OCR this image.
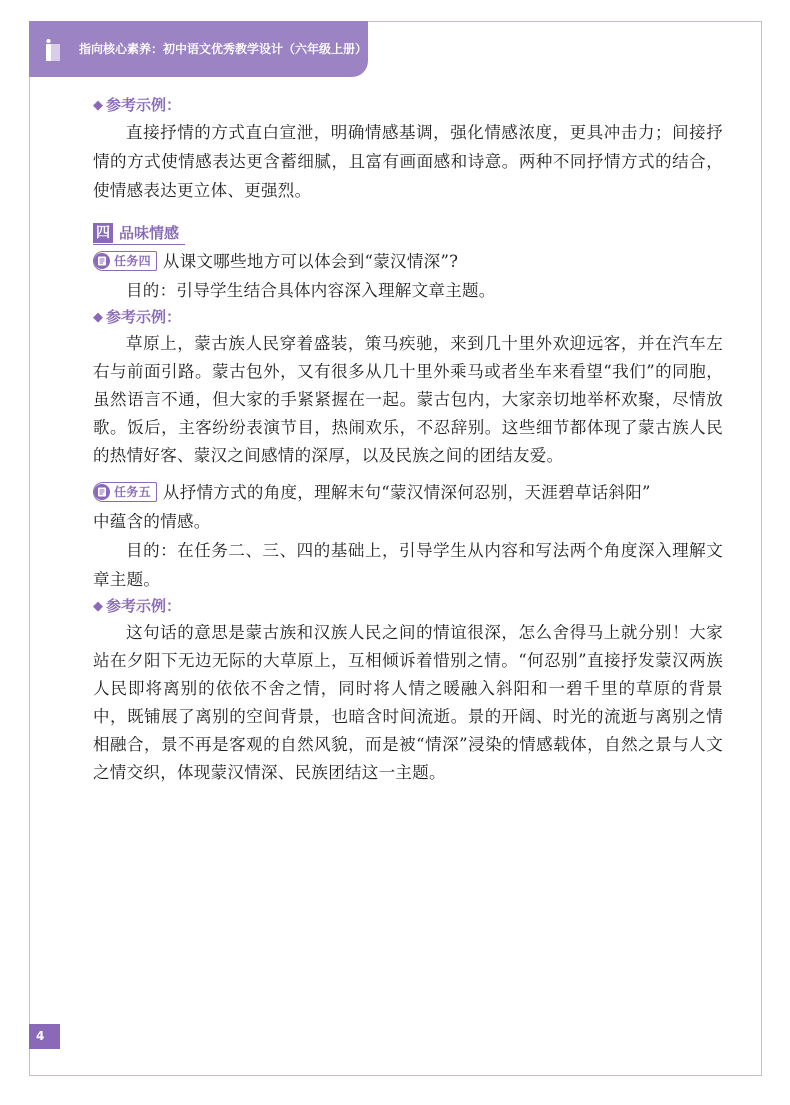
指向核心素养：初中语文优秀教学设计（六年级上册）

◆ 参考示例：

直接抒情的方式直白宣泄，明确情感基调，强化情感浓度，更具冲击力；间接抒情的方式使情感表达更含蓄细腻，且富有画面感和诗意。两种不同抒情方式的结合，使情感表达更立体、更强烈。

四 品味情感
任务四 从课文哪些地方可以体会到“蒙汉情深”?

目的：引导学生结合具体内容深入理解文章主题。

◆ 参考示例：

草原上，蒙古族人民穿着盛装，策马疾驰，来到几十里外欢迎远客，并在汽车左右与前面引路。蒙古包外，又有很多从几十里外乘马或者坐车来看望“我们”的同胞，虽然语言不通，但大家的手紧紧握在一起。蒙古包内，大家亲切地举杯欢聚，尽情放歌。饭后，主客纷纷表演节目，热闹欢乐，不忍辞别。这些细节都体现了蒙古族人民的热情好客、蒙汉之间感情的深厚，以及民族之间的团结友爱。

任务五 从抒情方式的角度，理解末句“蒙汉情深何忍别，天涯碧草话斜阳”

中蕴含的情感。

目的：在任务二、三、四的基础上，引导学生从内容和写法两个角度深入理解文章主题。

◆ 参考示例：

这句话的意思是蒙古族和汉族人民之间的情谊很深，怎么舍得马上就分别！大家站在夕阳下无边无际的大草原上，互相倾诉着惜别之情。“何忍别”直接抒发蒙汉两族人民即将离别的依依不舍之情，同时将人情之暖融入斜阳和一碧千里的草原的背景中，既铺展了离别的空间背景，也暗含时间流逝。景的开阔、时光的流逝与离别之情相融合，景不再是客观的自然风貌，而是被“情深”浸染的情感载体，自然之景与人文之情交织，体现蒙汉情深、民族团结这一主题。

4
